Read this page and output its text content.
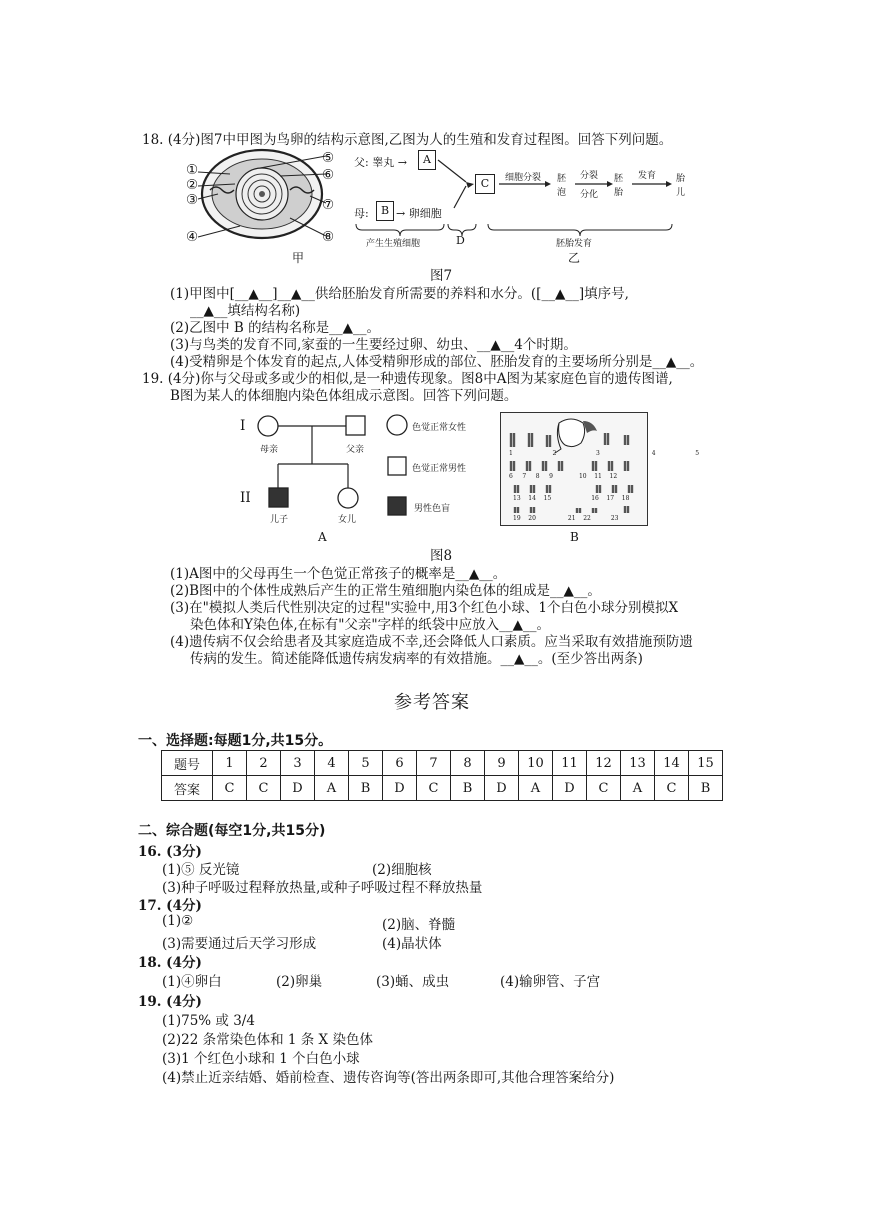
18. (4分)图7中甲图为鸟卵的结构示意图,乙图为人的生殖和发育过程图。回答下列问题。
①
②
③
④
⑤
⑥
⑦
⑧
甲
父: 睾丸 →	A
母:	B → 卵细胞
C	细胞分裂 胚
泡
分裂
分化
胚
胎
发育 胎
儿
产生生殖细胞	D	胚胎发育
乙
图7
(1)甲图中[__▲__]__▲__供给胚胎发育所需要的养料和水分。([__▲__]填序号,
__▲__填结构名称)
(2)乙图中 B 的结构名称是__▲__。
(3)与鸟类的发育不同,家蚕的一生要经过卵、幼虫、__▲__4个时期。
(4)受精卵是个体发育的起点,人体受精卵形成的部位、胚胎发育的主要场所分别是__▲__。
19. (4分)你与父母或多或少的相似,是一种遗传现象。图8中A图为某家庭色盲的遗传图谱,
B图为某人的体细胞内染色体组成示意图。回答下列问题。
I
II
母亲	父亲
儿子	女儿
A
色觉正常女性
色觉正常男性
男性色盲
1	2	3	4	5
6 7 8 9	10 11 12
13 14 15	16 17 18
19 20	21 22	23
B
图8
(1)A图中的父母再生一个色觉正常孩子的概率是__▲__。
(2)B图中的个体性成熟后产生的正常生殖细胞内染色体的组成是__▲__。
(3)在"模拟人类后代性别决定的过程"实验中,用3个红色小球、1个白色小球分别模拟X
染色体和Y染色体,在标有"父亲"字样的纸袋中应放入__▲__。
(4)遗传病不仅会给患者及其家庭造成不幸,还会降低人口素质。应当采取有效措施预防遗
传病的发生。简述能降低遗传病发病率的有效措施。__▲__。(至少答出两条)
参考答案
一、选择题:每题1分,共15分。
题号	1	2	3	4	5	6	7	8	9	10	11	12	13	14	15
答案	C	C	D	A	B	D	C	B	D	A	D	C	A	C	B
二、综合题(每空1分,共15分)
16. (3分)
(1)⑤ 反光镜	(2)细胞核
(3)种子呼吸过程释放热量,或种子呼吸过程不释放热量
17. (4分)
(1)②	(2)脑、脊髓
(3)需要通过后天学习形成	(4)晶状体
18. (4分)
(1)④卵白	(2)卵巢	(3)蛹、成虫	(4)输卵管、子宫
19. (4分)
(1)75% 或 3/4
(2)22 条常染色体和 1 条 X 染色体
(3)1 个红色小球和 1 个白色小球
(4)禁止近亲结婚、婚前检查、遗传咨询等(答出两条即可,其他合理答案给分)
